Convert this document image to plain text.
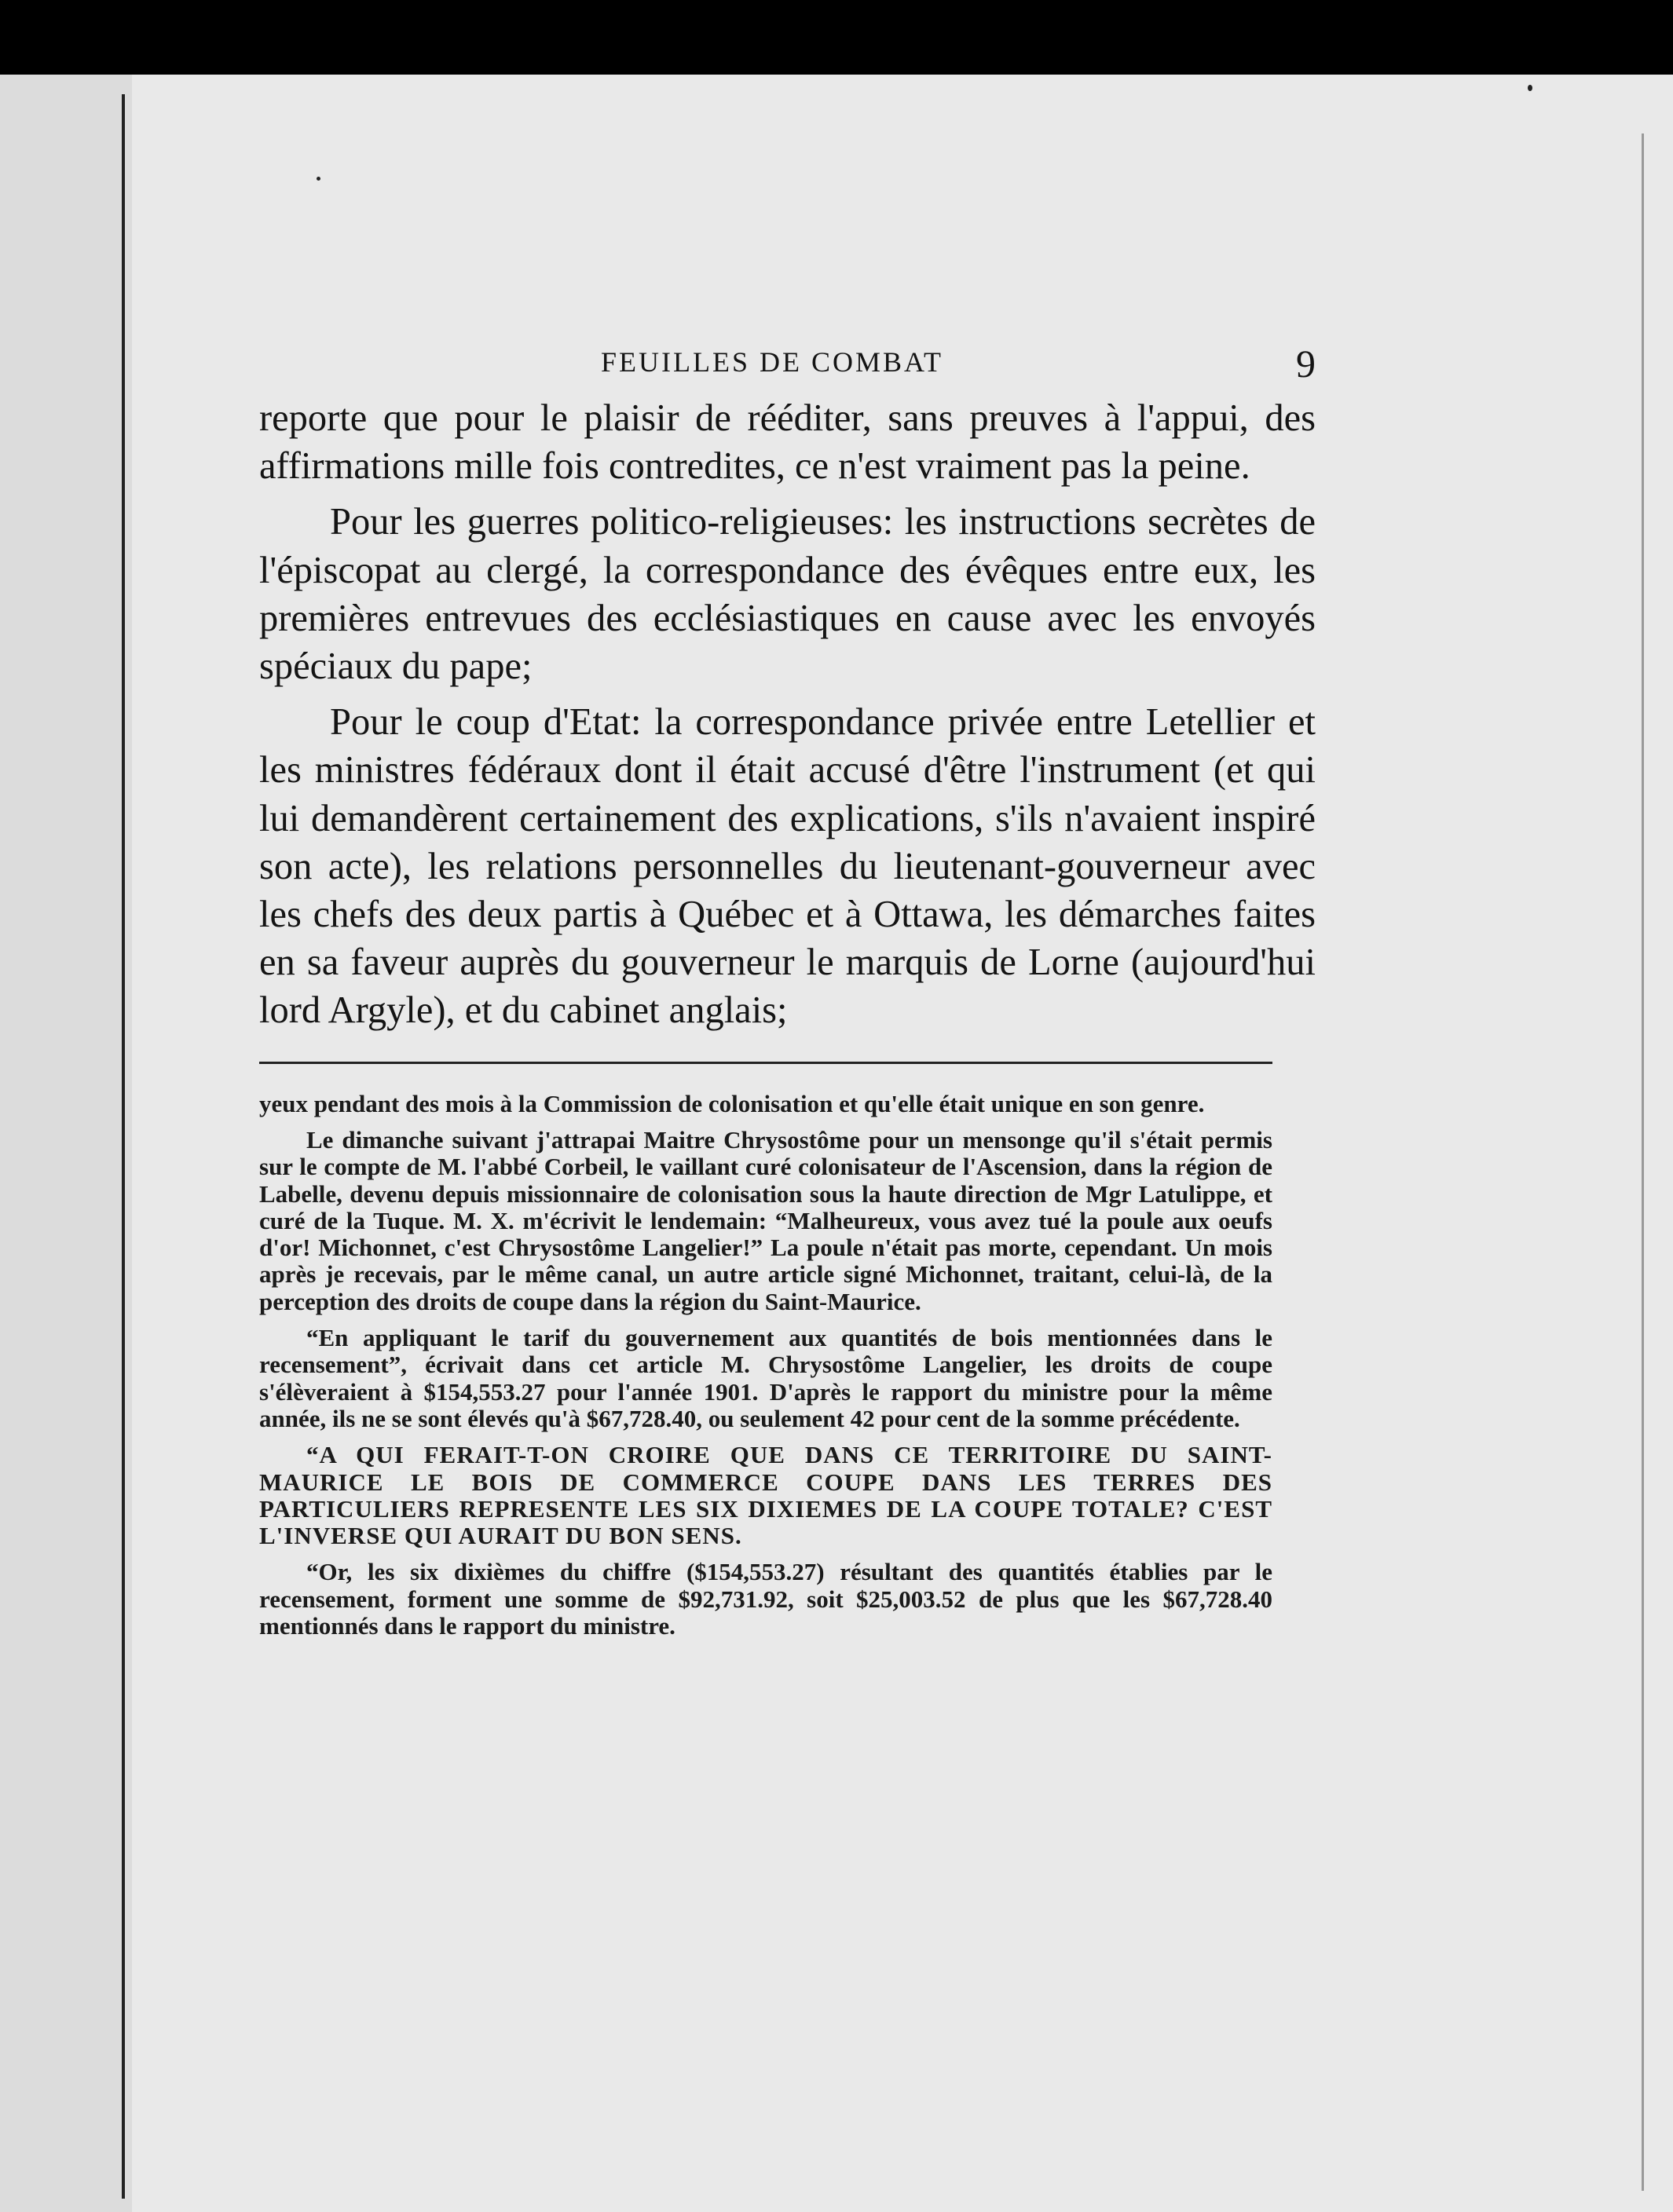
FEUILLES DE COMBAT	9

reporte que pour le plaisir de rééditer, sans preuves à l'appui, des affirmations mille fois contredites, ce n'est vraiment pas la peine.

Pour les guerres politico-religieuses: les instructions secrètes de l'épiscopat au clergé, la correspondance des évêques entre eux, les premières entrevues des ecclésiastiques en cause avec les envoyés spéciaux du pape;

Pour le coup d'Etat: la correspondance privée entre Letellier et les ministres fédéraux dont il était accusé d'être l'instrument (et qui lui demandèrent certainement des explications, s'ils n'avaient inspiré son acte), les relations personnelles du lieutenant-gouverneur avec les chefs des deux partis à Québec et à Ottawa, les démarches faites en sa faveur auprès du gouverneur le marquis de Lorne (aujourd'hui lord Argyle), et du cabinet anglais;

yeux pendant des mois à la Commission de colonisation et qu'elle était unique en son genre.

Le dimanche suivant j'attrapai Maitre Chrysostôme pour un mensonge qu'il s'était permis sur le compte de M. l'abbé Corbeil, le vaillant curé colonisateur de l'Ascension, dans la région de Labelle, devenu depuis missionnaire de colonisation sous la haute direction de Mgr Latulippe, et curé de la Tuque. M. X. m'écrivit le lendemain: “Malheureux, vous avez tué la poule aux oeufs d'or! Michonnet, c'est Chrysostôme Langelier!” La poule n'était pas morte, cependant. Un mois après je recevais, par le même canal, un autre article signé Michonnet, traitant, celui-là, de la perception des droits de coupe dans la région du Saint-Maurice.

“En appliquant le tarif du gouvernement aux quantités de bois mentionnées dans le recensement”, écrivait dans cet article M. Chrysostôme Langelier, les droits de coupe s'élèveraient à $154,553.27 pour l'année 1901. D'après le rapport du ministre pour la même année, ils ne se sont élevés qu'à $67,728.40, ou seulement 42 pour cent de la somme précédente.

“A QUI FERAIT-T-ON CROIRE QUE DANS CE TERRITOIRE DU SAINT-MAURICE LE BOIS DE COMMERCE COUPE DANS LES TERRES DES PARTICULIERS REPRESENTE LES SIX DIXIEMES DE LA COUPE TOTALE? C'EST L'INVERSE QUI AURAIT DU BON SENS.

“Or, les six dixièmes du chiffre ($154,553.27) résultant des quantités établies par le recensement, forment une somme de $92,731.92, soit $25,003.52 de plus que les $67,728.40 mentionnés dans le rapport du ministre.
